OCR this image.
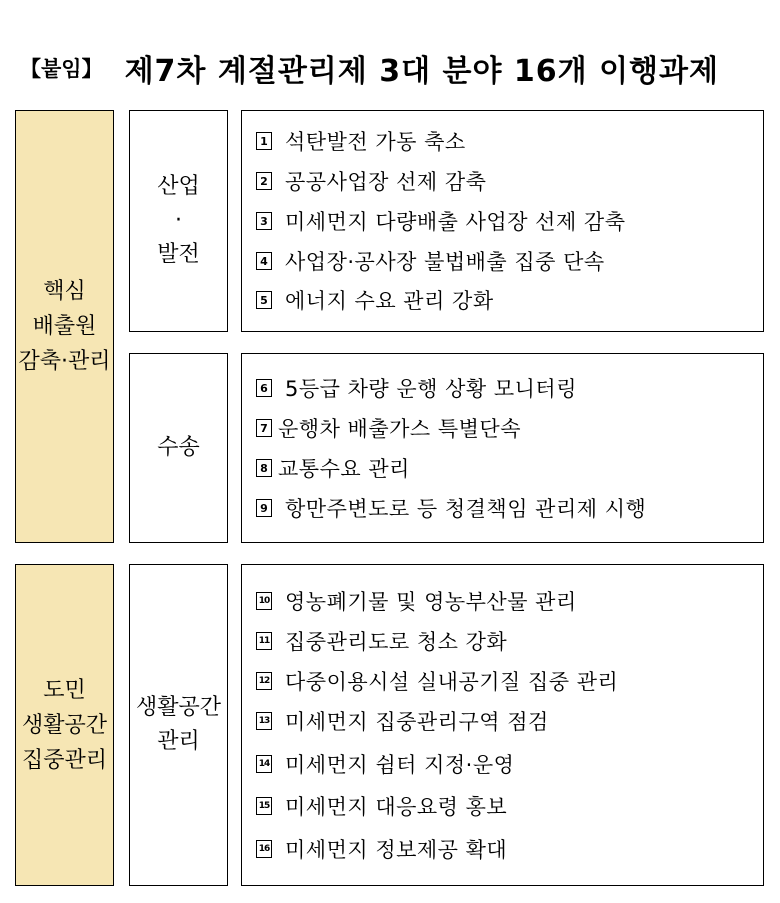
【붙임】 제7차 계절관리제 3대 분야 16개 이행과제
핵심
배출원
감축·관리
도민
생활공간
집중관리
산업
·
발전
수송
생활공간
관리
1 석탄발전 가동 축소
2 공공사업장 선제 감축
3 미세먼지 다량배출 사업장 선제 감축
4 사업장·공사장 불법배출 집중 단속
5 에너지 수요 관리 강화
6 5등급 차량 운행 상황 모니터링
7 운행차 배출가스 특별단속
8 교통수요 관리
9 항만주변도로 등 청결책임 관리제 시행
10 영농폐기물 및 영농부산물 관리
11 집중관리도로 청소 강화
12 다중이용시설 실내공기질 집중 관리
13 미세먼지 집중관리구역 점검
14 미세먼지 쉼터 지정·운영
15 미세먼지 대응요령 홍보
16 미세먼지 정보제공 확대
